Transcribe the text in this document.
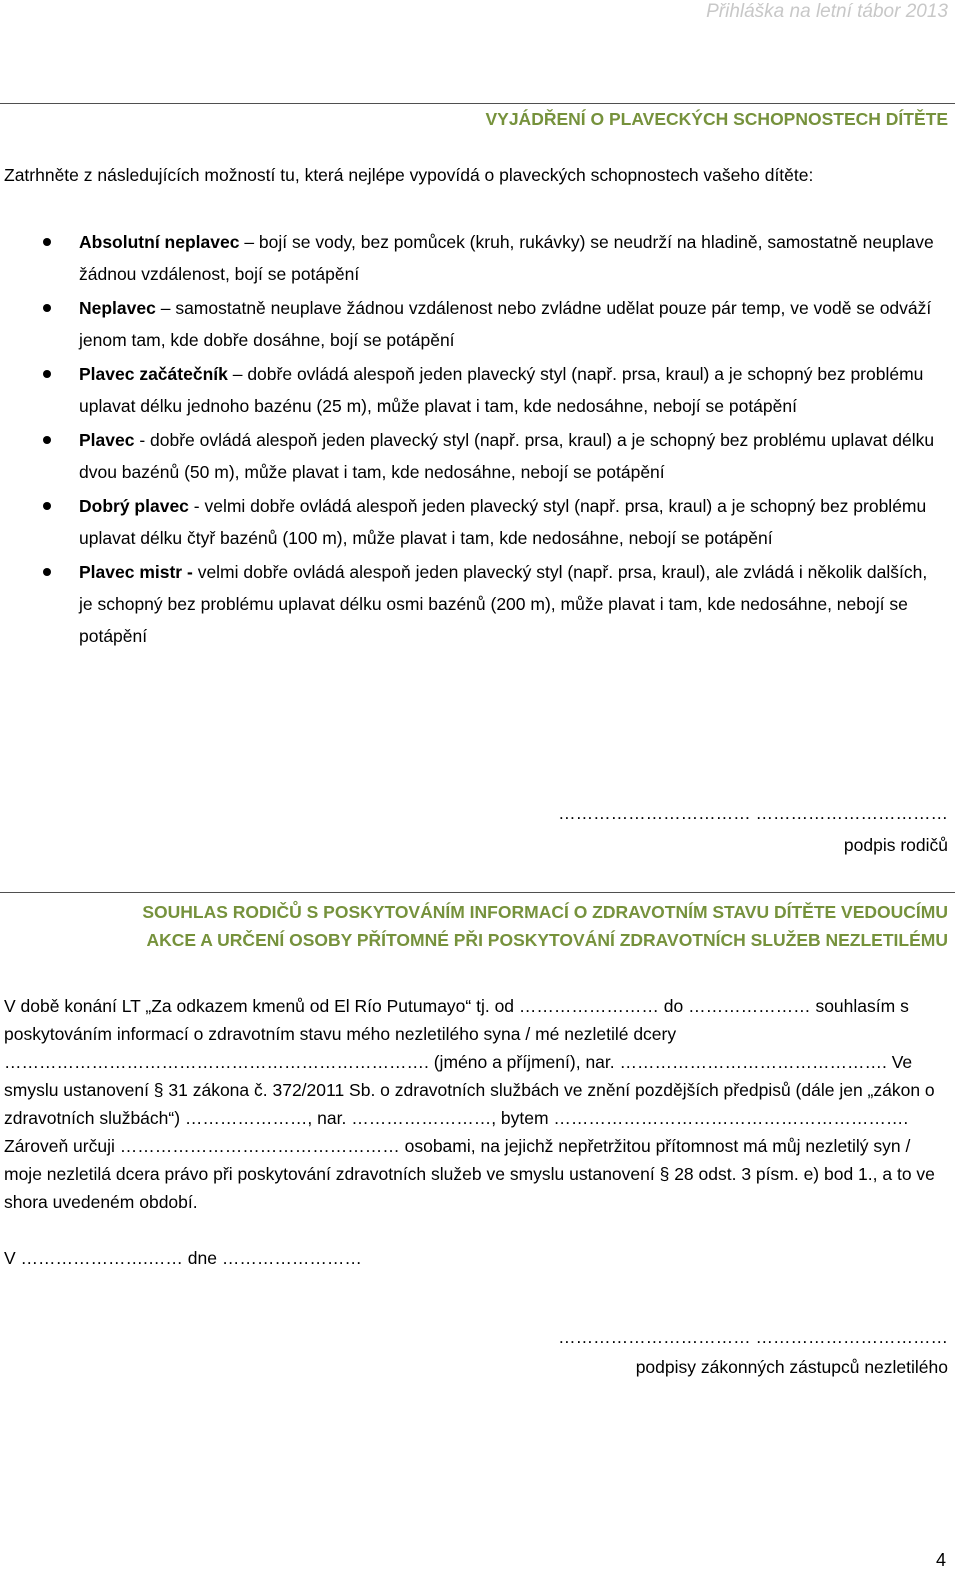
Přihláška na letní tábor 2013
VYJÁDŘENÍ O PLAVECKÝCH SCHOPNOSTECH DÍTĚTE
Zatrhněte z následujících možností tu, která nejlépe vypovídá o plaveckých schopnostech vašeho dítěte:
Absolutní neplavec – bojí se vody, bez pomůcek (kruh, rukávky) se neudrží na hladině, samostatně neuplave žádnou vzdálenost, bojí se potápění
Neplavec – samostatně neuplave žádnou vzdálenost nebo zvládne udělat pouze pár temp, ve vodě se odváží jenom tam, kde dobře dosáhne, bojí se potápění
Plavec začátečník – dobře ovládá alespoň jeden plavecký styl (např. prsa, kraul) a je schopný bez problému uplavat délku jednoho bazénu (25 m), může plavat i tam, kde nedosáhne, nebojí se potápění
Plavec - dobře ovládá alespoň jeden plavecký styl (např. prsa, kraul) a je schopný bez problému uplavat délku dvou bazénů (50 m), může plavat i tam, kde nedosáhne, nebojí se potápění
Dobrý plavec - velmi dobře ovládá alespoň jeden plavecký styl (např. prsa, kraul) a je schopný bez problému uplavat délku čtyř bazénů (100 m), může plavat i tam, kde nedosáhne, nebojí se potápění
Plavec mistr - velmi dobře ovládá alespoň jeden plavecký styl (např. prsa, kraul), ale zvládá i několik dalších, je schopný bez problému uplavat délku osmi bazénů (200 m), může plavat i tam, kde nedosáhne, nebojí se potápění
…………………………… ……………………………
podpis rodičů
SOUHLAS RODIČŮ S POSKYTOVÁNÍM INFORMACÍ O ZDRAVOTNÍM STAVU DÍTĚTE VEDOUCÍMU
AKCE A URČENÍ OSOBY PŘÍTOMNÉ PŘI POSKYTOVÁNÍ ZDRAVOTNÍCH SLUŽEB NEZLETILÉMU

V době konání LT „Za odkazem kmenů od El Río Putumayo“ tj. od …………………… do ………………… souhlasím s poskytováním informací o zdravotním stavu mého nezletilého syna / mé nezletilé dcery ………………………………………………………………. (jméno a příjmení), nar. ………………………………………. Ve smyslu ustanovení § 31 zákona č. 372/2011 Sb. o zdravotních službách ve znění pozdějších předpisů (dále jen „zákon o zdravotních službách“) …………………, nar. ……………………, bytem …………………………………………………….

Zároveň určuji ………………………………………… osobami, na jejichž nepřetržitou přítomnost má můj nezletilý syn / moje nezletilá dcera právo při poskytování zdravotních služeb ve smyslu ustanovení § 28 odst. 3 písm. e) bod 1., a to ve shora uvedeném období.

V ………………….…… dne ……………………

…………………………… ……………………………
podpisy zákonných zástupců nezletilého
4
